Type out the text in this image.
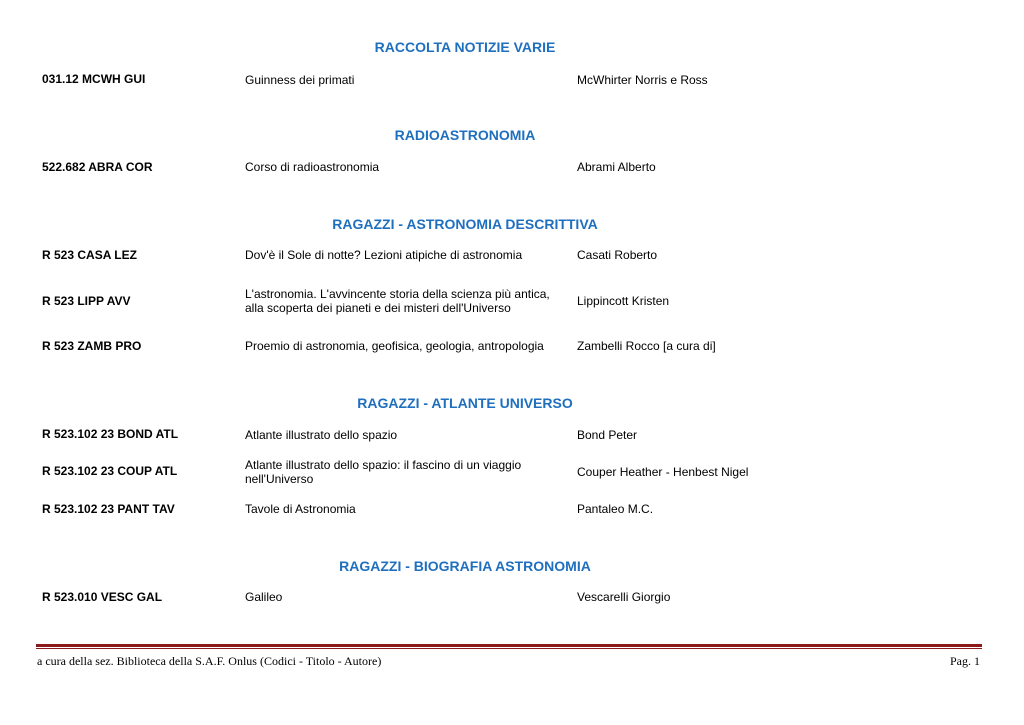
RACCOLTA NOTIZIE VARIE
031.12 MCWH GUI	Guinness dei primati	McWhirter Norris e Ross
RADIOASTRONOMIA
522.682 ABRA COR	Corso di radioastronomia	Abrami Alberto
RAGAZZI - ASTRONOMIA DESCRITTIVA
R 523 CASA LEZ	Dov'è il Sole di notte? Lezioni atipiche di astronomia	Casati Roberto
R 523 LIPP AVV	L'astronomia. L'avvincente storia della scienza più antica, alla scoperta dei pianeti e dei misteri dell'Universo	Lippincott Kristen
R 523 ZAMB PRO	Proemio di astronomia, geofisica, geologia, antropologia	Zambelli Rocco [a cura di]
RAGAZZI - ATLANTE UNIVERSO
R 523.102 23 BOND ATL	Atlante illustrato dello spazio	Bond Peter
R 523.102 23 COUP ATL	Atlante illustrato dello spazio: il fascino di un viaggio nell'Universo	Couper Heather - Henbest Nigel
R 523.102 23 PANT TAV	Tavole di Astronomia	Pantaleo M.C.
RAGAZZI - BIOGRAFIA ASTRONOMIA
R 523.010 VESC GAL	Galileo	Vescarelli Giorgio
a cura della sez. Biblioteca della S.A.F. Onlus (Codici - Titolo - Autore)	Pag. 1
